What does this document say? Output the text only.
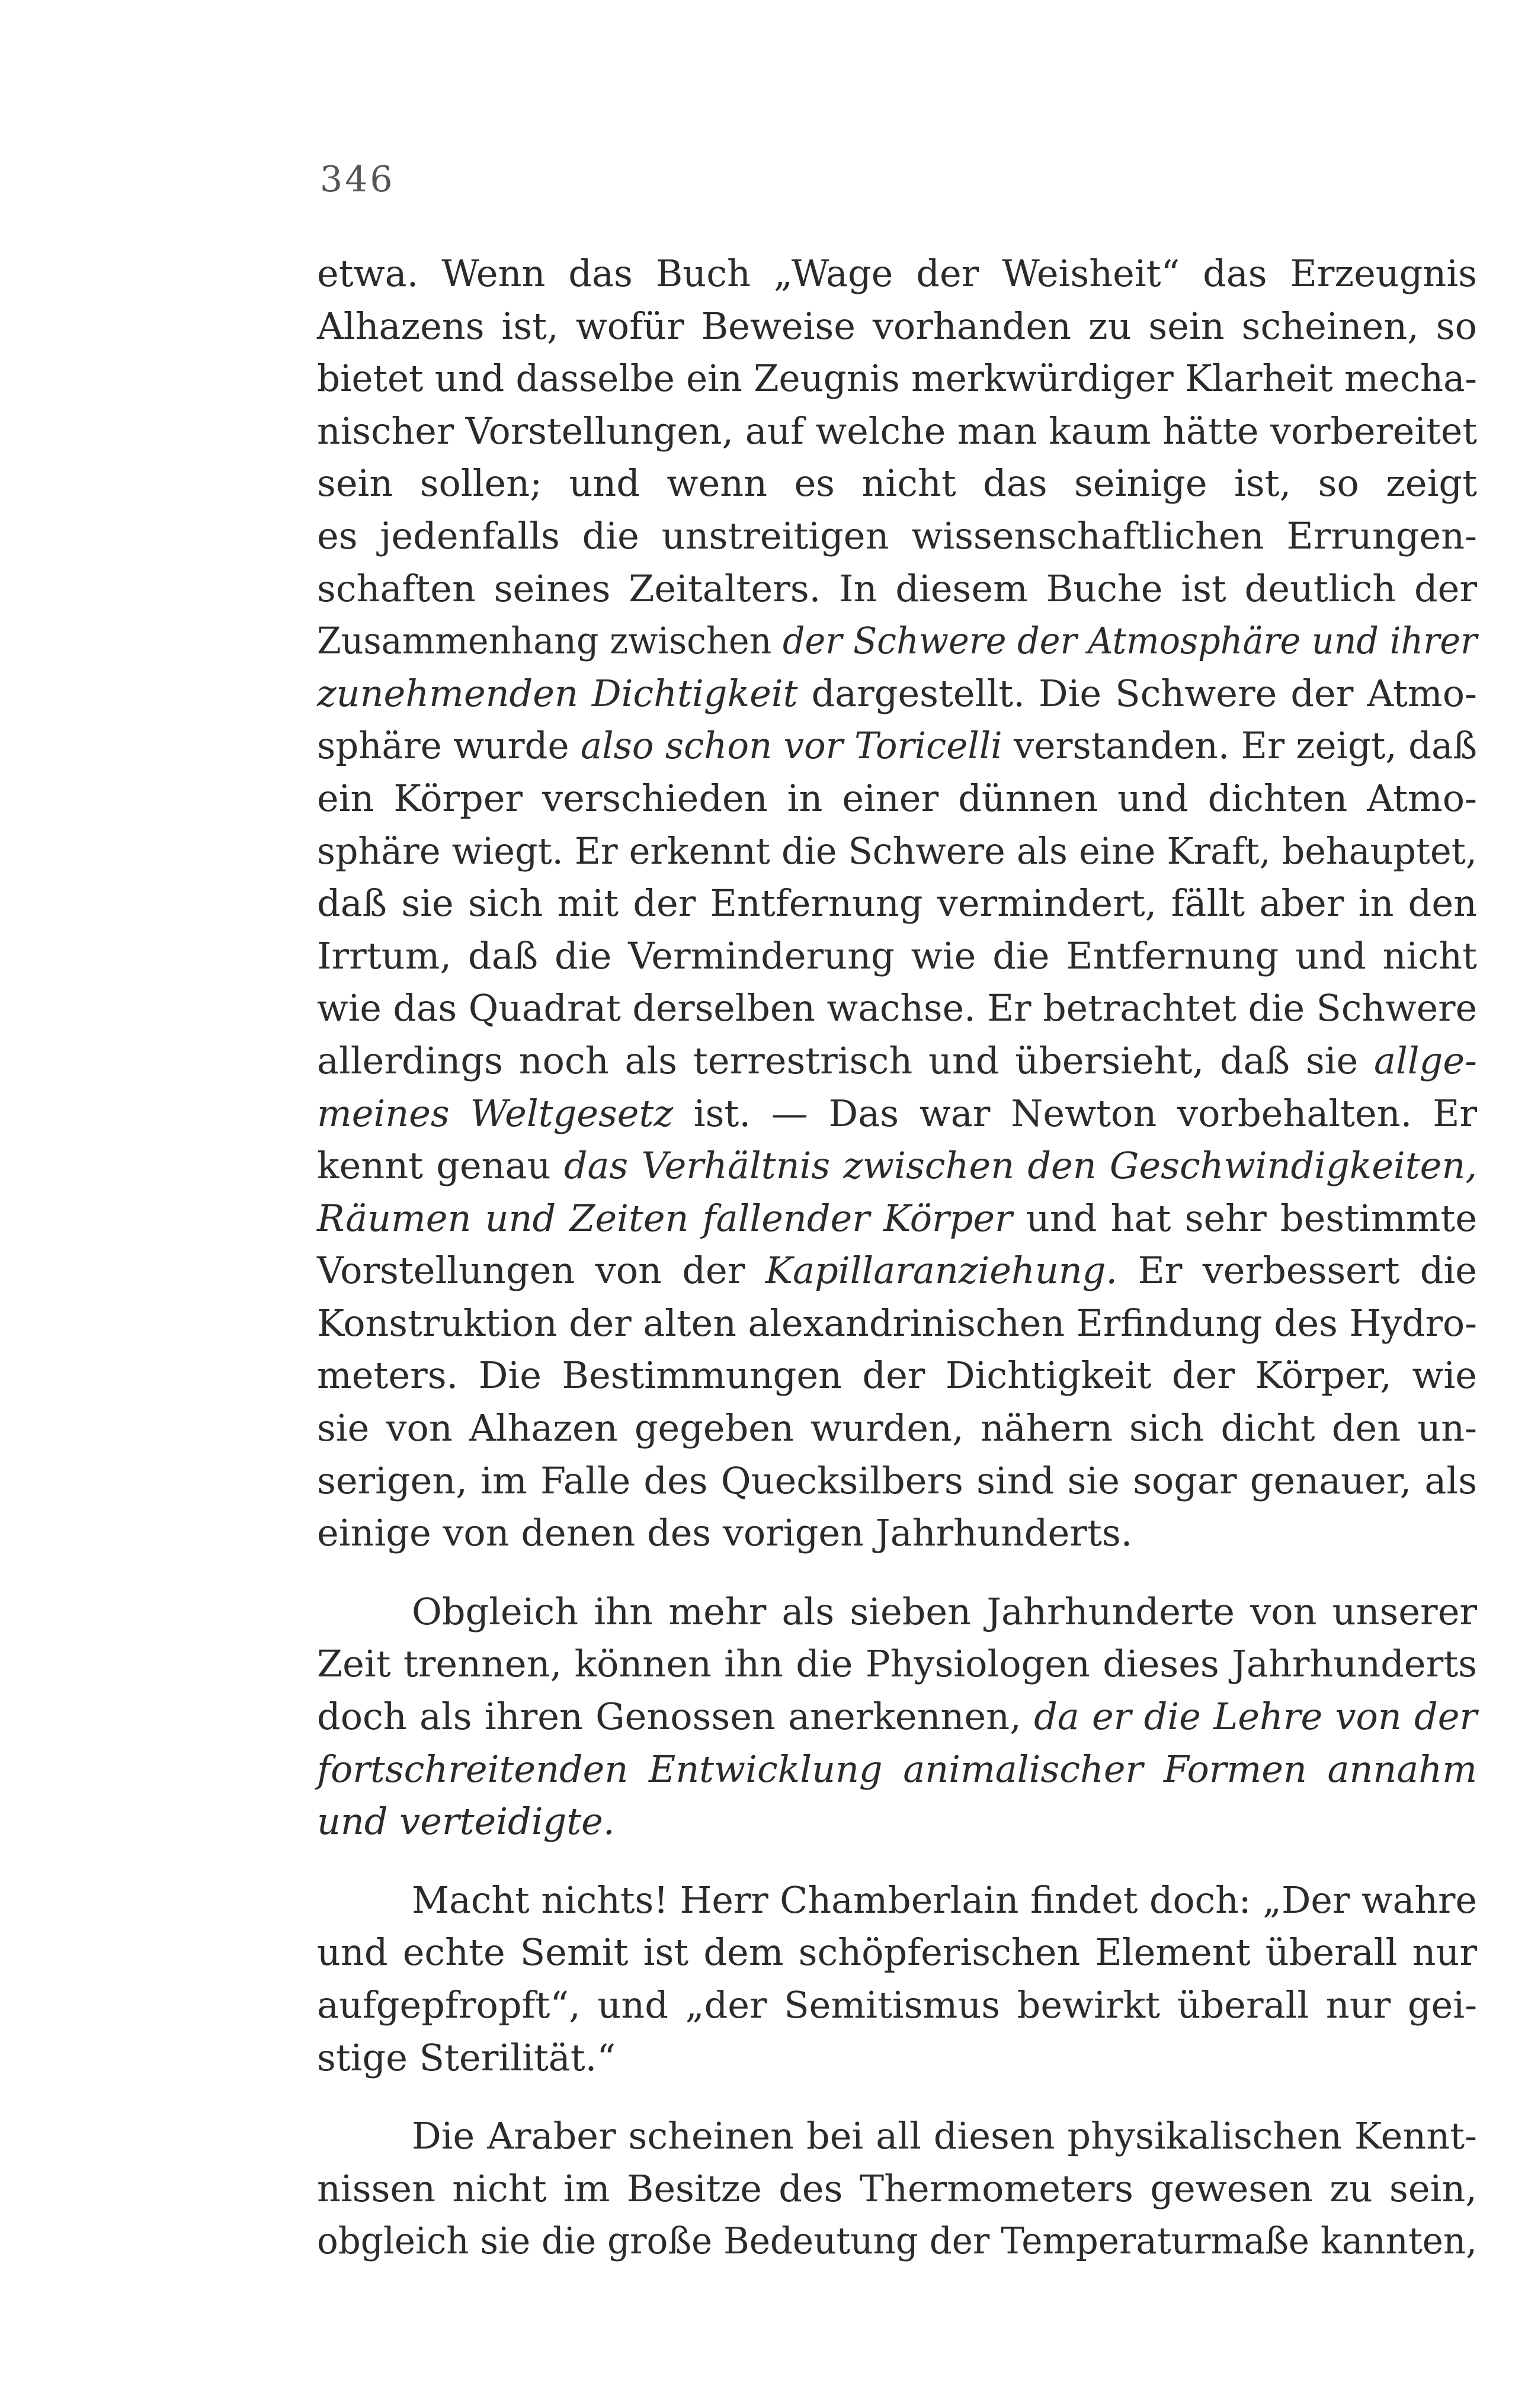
346
etwa. Wenn das Buch „Wage der Weisheit“ das Erzeugnis
Alhazens ist, wofür Beweise vorhanden zu sein scheinen, so
bietet und dasselbe ein Zeugnis merkwürdiger Klarheit mecha-
nischer Vorstellungen, auf welche man kaum hätte vorbereitet
sein sollen; und wenn es nicht das seinige ist, so zeigt
es jedenfalls die unstreitigen wissenschaftlichen Errungen-
schaften seines Zeitalters. In diesem Buche ist deutlich der
Zusammenhang zwischen der Schwere der Atmosphäre und ihrer
zunehmenden Dichtigkeit dargestellt. Die Schwere der Atmo-
sphäre wurde also schon vor Toricelli verstanden. Er zeigt, daß
ein Körper verschieden in einer dünnen und dichten Atmo-
sphäre wiegt. Er erkennt die Schwere als eine Kraft, behauptet,
daß sie sich mit der Entfernung vermindert, fällt aber in den
Irrtum, daß die Verminderung wie die Entfernung und nicht
wie das Quadrat derselben wachse. Er betrachtet die Schwere
allerdings noch als terrestrisch und übersieht, daß sie allge-
meines Weltgesetz ist. — Das war Newton vorbehalten. Er
kennt genau das Verhältnis zwischen den Geschwindigkeiten,
Räumen und Zeiten fallender Körper und hat sehr bestimmte
Vorstellungen von der Kapillaranziehung. Er verbessert die
Konstruktion der alten alexandrinischen Erfindung des Hydro-
meters. Die Bestimmungen der Dichtigkeit der Körper, wie
sie von Alhazen gegeben wurden, nähern sich dicht den un-
serigen, im Falle des Quecksilbers sind sie sogar genauer, als
einige von denen des vorigen Jahrhunderts.
Obgleich ihn mehr als sieben Jahrhunderte von unserer
Zeit trennen, können ihn die Physiologen dieses Jahrhunderts
doch als ihren Genossen anerkennen, da er die Lehre von der
fortschreitenden Entwicklung animalischer Formen annahm
und verteidigte.
Macht nichts! Herr Chamberlain findet doch: „Der wahre
und echte Semit ist dem schöpferischen Element überall nur
aufgepfropft“, und „der Semitismus bewirkt überall nur gei-
stige Sterilität.“
Die Araber scheinen bei all diesen physikalischen Kennt-
nissen nicht im Besitze des Thermometers gewesen zu sein,
obgleich sie die große Bedeutung der Temperaturmaße kannten,
